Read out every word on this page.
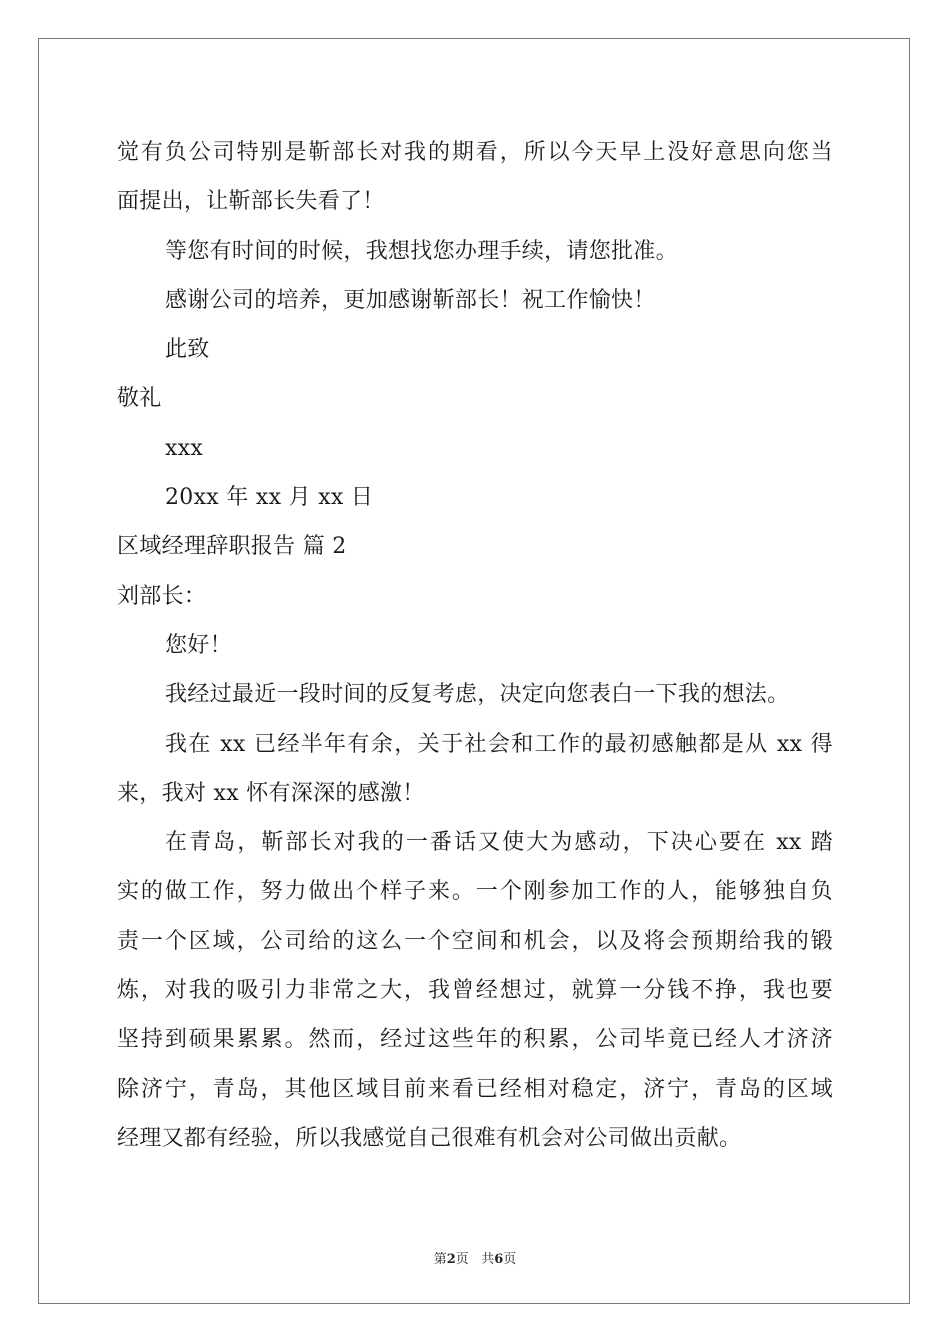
觉有负公司特别是靳部长对我的期看，所以今天早上没好意思向您当
面提出，让靳部长失看了！
等您有时间的时候，我想找您办理手续，请您批准。
感谢公司的培养，更加感谢靳部长！祝工作愉快！
此致
敬礼
xxx
20xx 年 xx 月 xx 日
区域经理辞职报告 篇 2
刘部长：
您好！
我经过最近一段时间的反复考虑，决定向您表白一下我的想法。
我在 xx 已经半年有余，关于社会和工作的最初感触都是从 xx 得
来，我对 xx 怀有深深的感激！
在青岛，靳部长对我的一番话又使大为感动，下决心要在 xx 踏
实的做工作，努力做出个样子来。一个刚参加工作的人，能够独自负
责一个区域，公司给的这么一个空间和机会，以及将会预期给我的锻
炼，对我的吸引力非常之大，我曾经想过，就算一分钱不挣，我也要
坚持到硕果累累。然而，经过这些年的积累，公司毕竟已经人才济济
除济宁，青岛，其他区域目前来看已经相对稳定，济宁，青岛的区域
经理又都有经验，所以我感觉自己很难有机会对公司做出贡献。
第2页 共6页
